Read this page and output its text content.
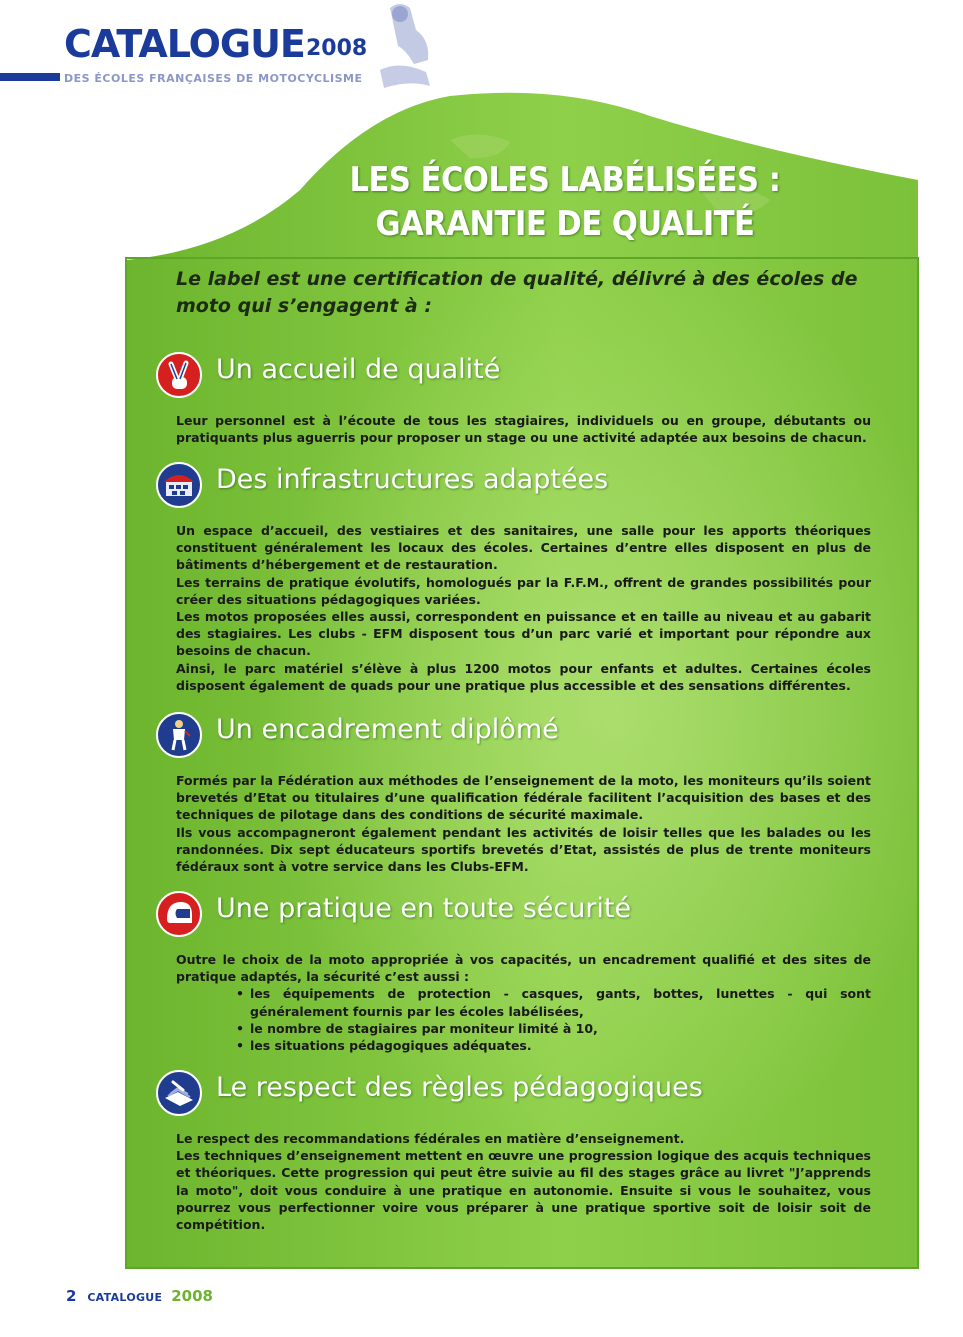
CATALOGUE 2008
DES ÉCOLES FRANÇAISES DE MOTOCYCLISME
LES ÉCOLES LABÉLISÉES :
GARANTIE DE QUALITÉ
Le label est une certification de qualité, délivré à des écoles de moto qui s’engagent à :
Un accueil de qualité

Leur personnel est à l’écoute de tous les stagiaires, individuels ou en groupe, débutants ou pratiquants plus aguerris pour proposer un stage ou une activité adaptée aux besoins de chacun.

Des infrastructures adaptées

Un espace d’accueil, des vestiaires et des sanitaires, une salle pour les apports théoriques constituent généralement les locaux des écoles. Certaines d’entre elles disposent en plus de bâtiments d’hébergement et de restauration.

Les terrains de pratique évolutifs, homologués par la F.F.M., offrent de grandes possibilités pour créer des situations pédagogiques variées.

Les motos proposées elles aussi, correspondent en puissance et en taille au niveau et au gabarit des stagiaires. Les clubs - EFM disposent tous d’un parc varié et important pour répondre aux besoins de chacun.

Ainsi, le parc matériel s’élève à plus 1200 motos pour enfants et adultes. Certaines écoles disposent également de quads pour une pratique plus accessible et des sensations différentes.

Un encadrement diplômé

Formés par la Fédération aux méthodes de l’enseignement de la moto, les moniteurs qu’ils soient brevetés d’Etat ou titulaires d’une qualification fédérale facilitent l’acquisition des bases et des techniques de pilotage dans des conditions de sécurité maximale.

Ils vous accompagneront également pendant les activités de loisir telles que les balades ou les randonnées. Dix sept éducateurs sportifs brevetés d’Etat, assistés de plus de trente moniteurs fédéraux sont à votre service dans les Clubs-EFM.

Une pratique en toute sécurité

Outre le choix de la moto appropriée à vos capacités, un encadrement qualifié et des sites de pratique adaptés, la sécurité c’est aussi :

• les équipements de protection - casques, gants, bottes, lunettes - qui sont généralement fournis par les écoles labélisées,
• le nombre de stagiaires par moniteur limité à 10,
• les situations pédagogiques adéquates.
Le respect des règles pédagogiques

Le respect des recommandations fédérales en matière d’enseignement.

Les techniques d’enseignement mettent en œuvre une progression logique des acquis techniques et théoriques. Cette progression qui peut être suivie au fil des stages grâce au livret "J’apprends la moto", doit vous conduire à une pratique en autonomie. Ensuite si vous le souhaitez, vous pourrez vous perfectionner voire vous préparer à une pratique sportive soit de loisir soit de compétition.

2 CATALOGUE 2008
